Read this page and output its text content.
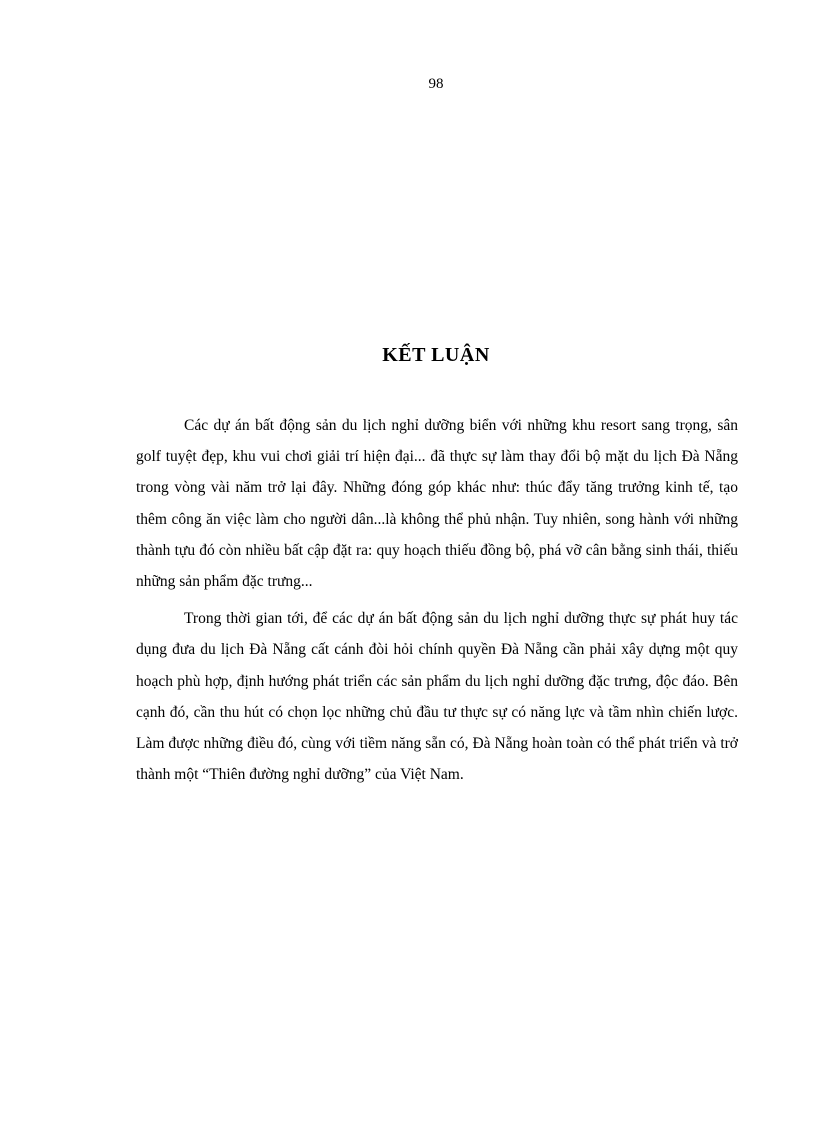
98
KẾT LUẬN

Các dự án bất động sản du lịch nghỉ dưỡng biển với những khu resort sang trọng, sân golf tuyệt đẹp, khu vui chơi giải trí hiện đại... đã thực sự làm thay đổi bộ mặt du lịch Đà Nẵng trong vòng vài năm trở lại đây. Những đóng góp khác như: thúc đẩy tăng trưởng kinh tế, tạo thêm công ăn việc làm cho người dân...là không thể phủ nhận. Tuy nhiên, song hành với những thành tựu đó còn nhiều bất cập đặt ra: quy hoạch thiếu đồng bộ, phá vỡ cân bằng sinh thái, thiếu những sản phẩm đặc trưng...

Trong thời gian tới, để các dự án bất động sản du lịch nghỉ dưỡng thực sự phát huy tác dụng đưa du lịch Đà Nẵng cất cánh đòi hỏi chính quyền Đà Nẵng cần phải xây dựng một quy hoạch phù hợp, định hướng phát triển các sản phẩm du lịch nghỉ dưỡng đặc trưng, độc đáo. Bên cạnh đó, cần thu hút có chọn lọc những chủ đầu tư thực sự có năng lực và tầm nhìn chiến lược. Làm được những điều đó, cùng với tiềm năng sẵn có, Đà Nẵng hoàn toàn có thể phát triển và trở thành một “Thiên đường nghỉ dưỡng” của Việt Nam.
